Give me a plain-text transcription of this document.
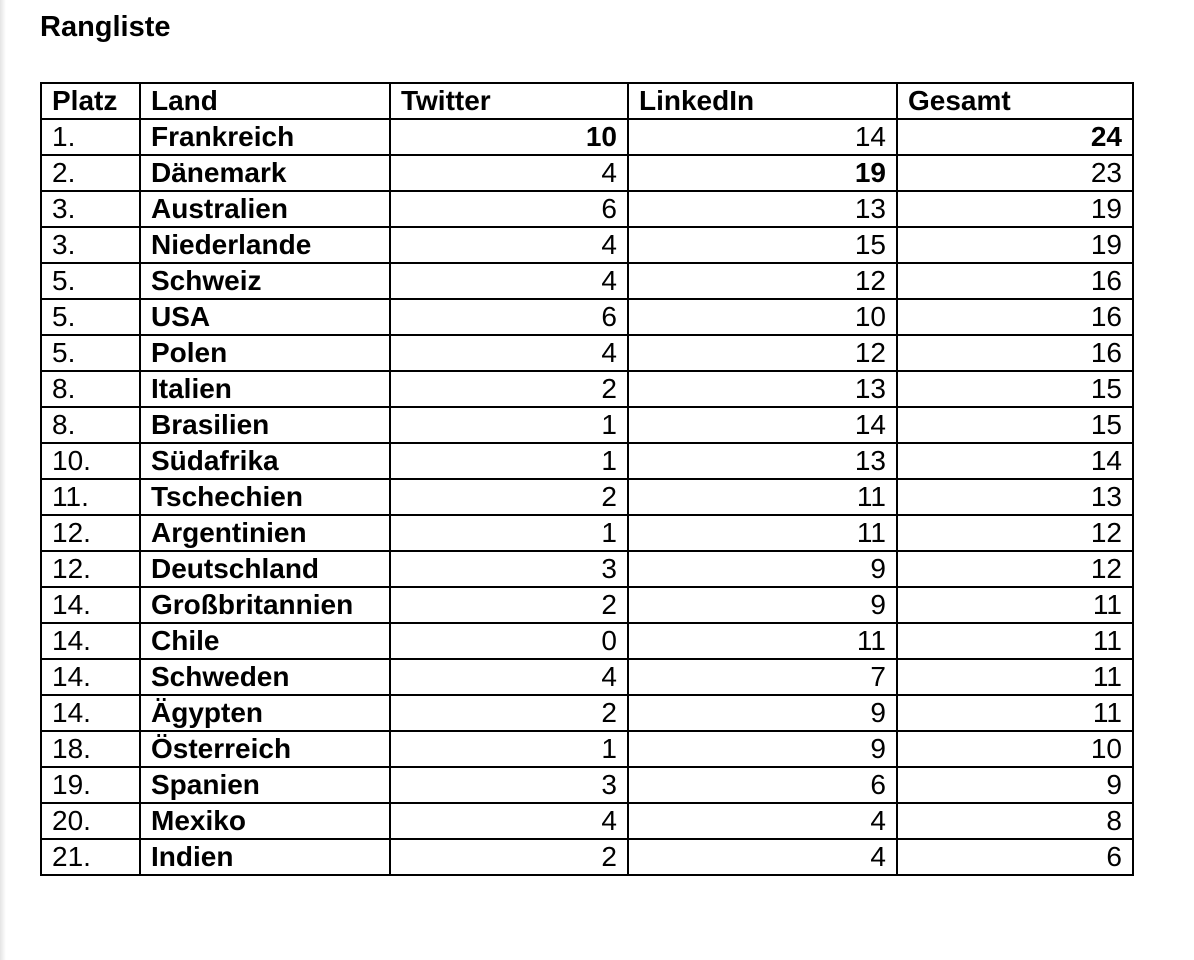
Rangliste
Platz	Land	Twitter	LinkedIn	Gesamt
1.	Frankreich	10	14	24
2.	Dänemark	4	19	23
3.	Australien	6	13	19
3.	Niederlande	4	15	19
5.	Schweiz	4	12	16
5.	USA	6	10	16
5.	Polen	4	12	16
8.	Italien	2	13	15
8.	Brasilien	1	14	15
10.	Südafrika	1	13	14
11.	Tschechien	2	11	13
12.	Argentinien	1	11	12
12.	Deutschland	3	9	12
14.	Großbritannien	2	9	11
14.	Chile	0	11	11
14.	Schweden	4	7	11
14.	Ägypten	2	9	11
18.	Österreich	1	9	10
19.	Spanien	3	6	9
20.	Mexiko	4	4	8
21.	Indien	2	4	6
